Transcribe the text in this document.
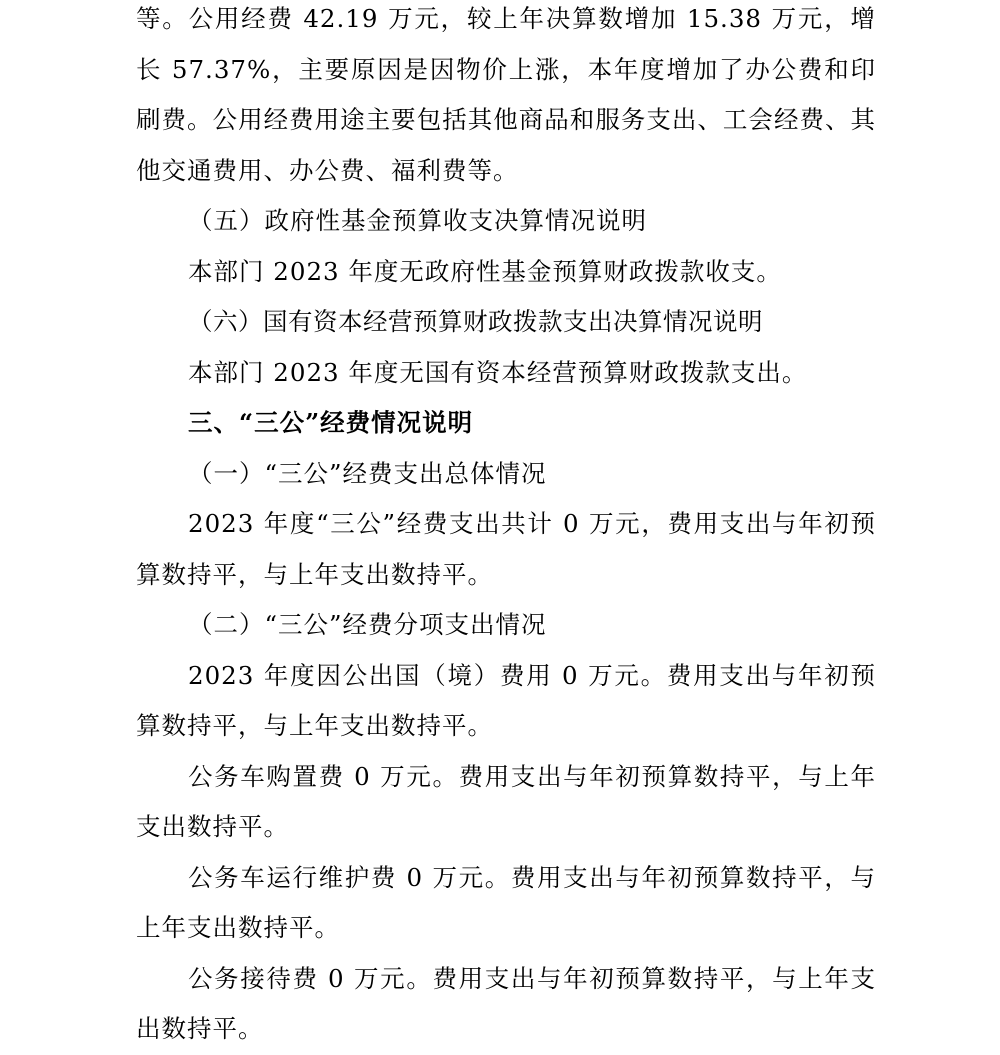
等。公用经费 42.19 万元，较上年决算数增加 15.38 万元，增长 57.37%，主要原因是因物价上涨，本年度增加了办公费和印刷费。公用经费用途主要包括其他商品和服务支出、工会经费、其他交通费用、办公费、福利费等。

（五）政府性基金预算收支决算情况说明

本部门 2023 年度无政府性基金预算财政拨款收支。

（六）国有资本经营预算财政拨款支出决算情况说明

本部门 2023 年度无国有资本经营预算财政拨款支出。

三、“三公”经费情况说明

（一）“三公”经费支出总体情况

2023 年度“三公”经费支出共计 0 万元，费用支出与年初预算数持平，与上年支出数持平。

（二）“三公”经费分项支出情况

2023 年度因公出国（境）费用 0 万元。费用支出与年初预算数持平，与上年支出数持平。

公务车购置费 0 万元。费用支出与年初预算数持平，与上年支出数持平。

公务车运行维护费 0 万元。费用支出与年初预算数持平，与上年支出数持平。

公务接待费 0 万元。费用支出与年初预算数持平，与上年支出数持平。
